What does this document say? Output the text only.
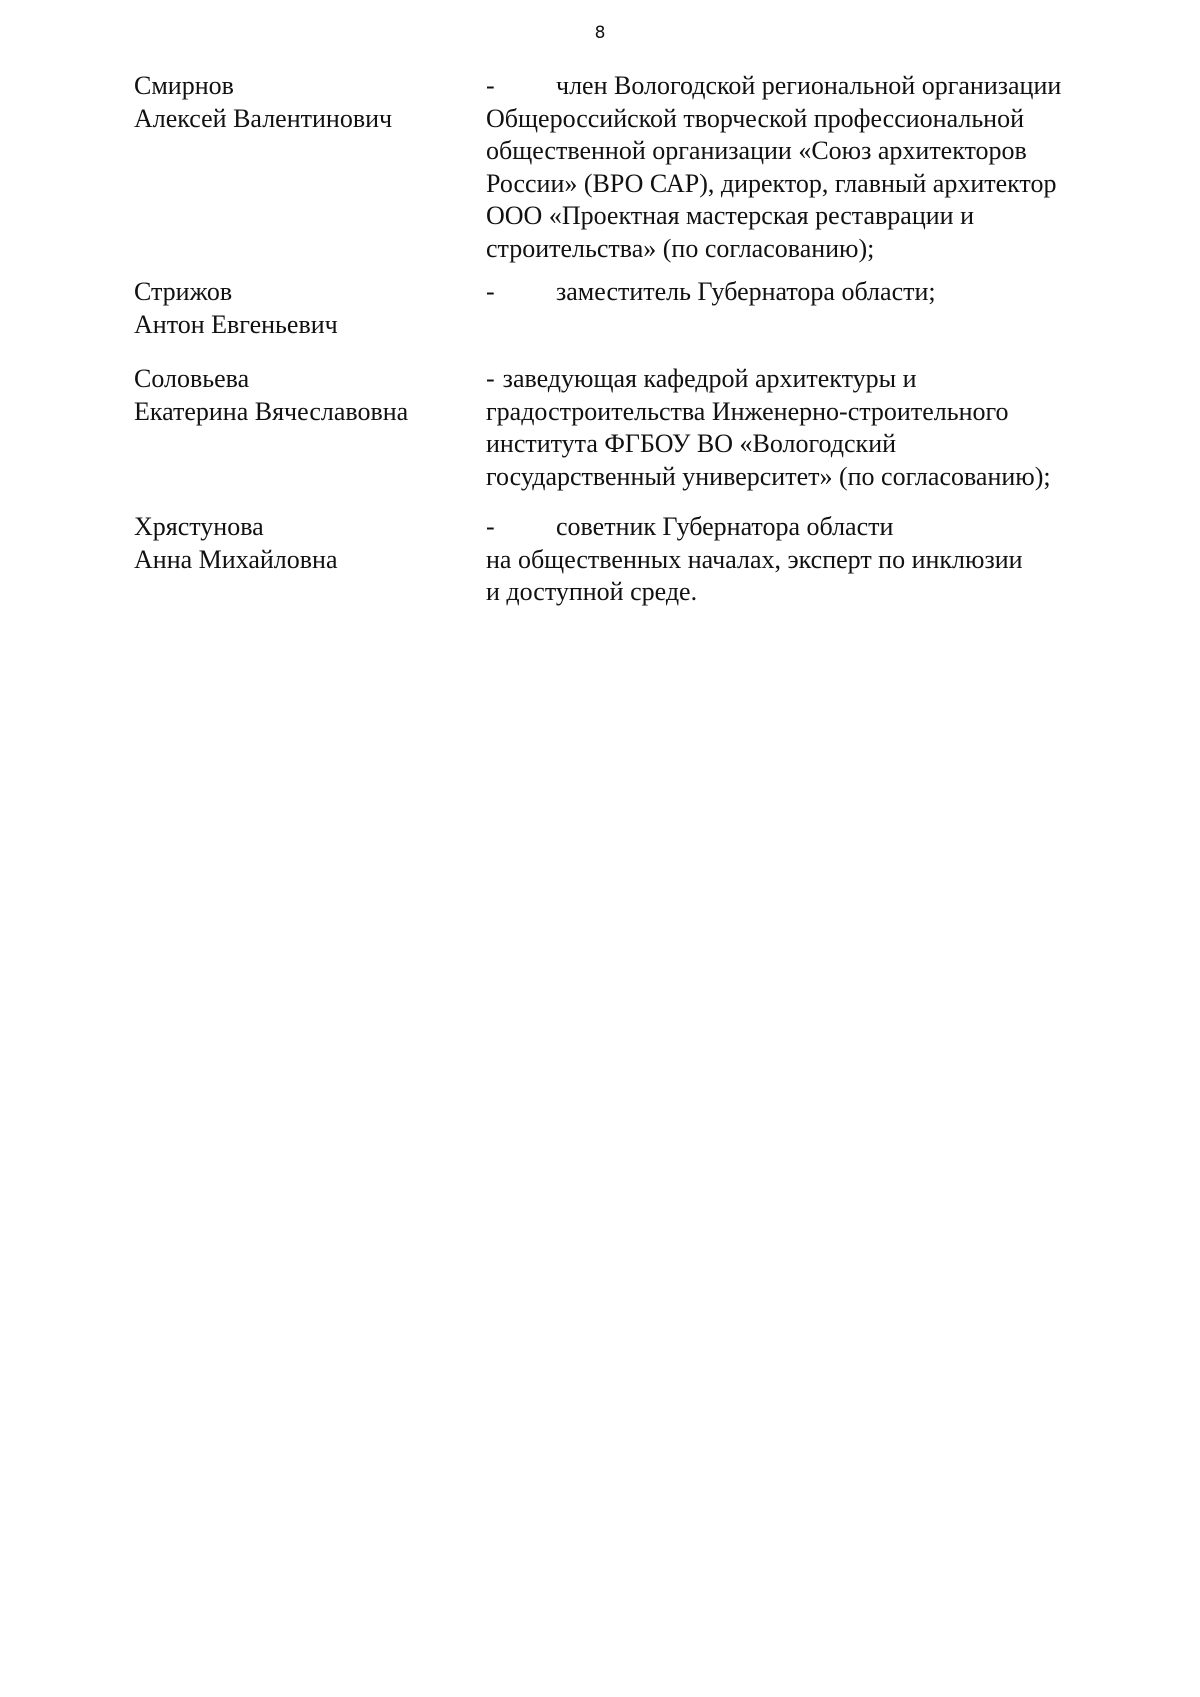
8
Смирнов
Алексей Валентинович
- член Вологодской региональной организации
Общероссийской творческой профессиональной
общественной организации «Союз архитекторов
России» (ВРО САР), директор, главный архитектор
ООО «Проектная мастерская реставрации и
строительства» (по согласованию);
Стрижов
Антон Евгеньевич
- заместитель Губернатора области;
Соловьева
Екатерина Вячеславовна
- заведующая кафедрой архитектуры и
градостроительства Инженерно-строительного
института ФГБОУ ВО «Вологодский
государственный университет» (по согласованию);
Хрястунова
Анна Михайловна
- советник Губернатора области
на общественных началах, эксперт по инклюзии
и доступной среде.
